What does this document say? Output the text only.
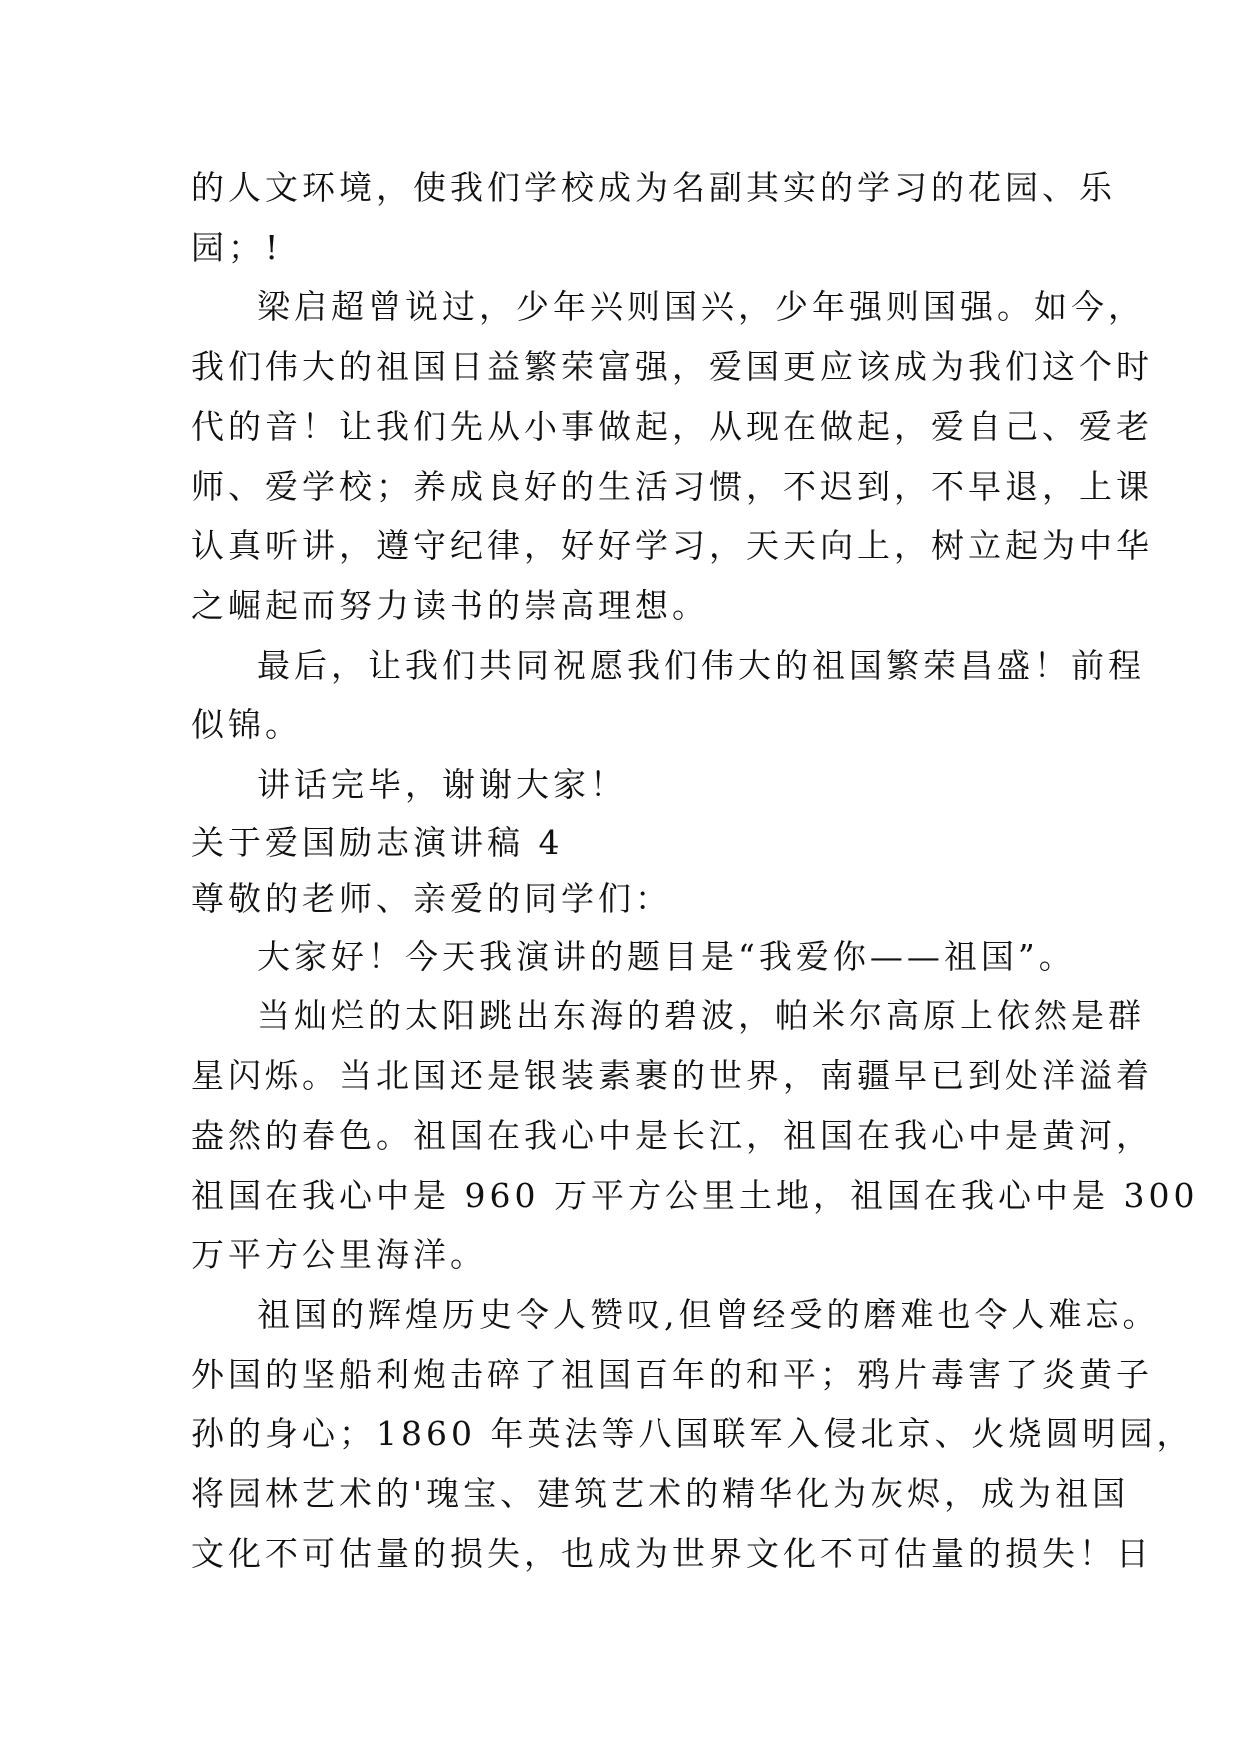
的人文环境，使我们学校成为名副其实的学习的花园、乐
园；!
梁启超曾说过，少年兴则国兴，少年强则国强。如今，
我们伟大的祖国日益繁荣富强，爱国更应该成为我们这个时
代的音！让我们先从小事做起，从现在做起，爱自己、爱老
师、爱学校；养成良好的生活习惯，不迟到，不早退，上课
认真听讲，遵守纪律，好好学习，天天向上，树立起为中华
之崛起而努力读书的崇高理想。
最后，让我们共同祝愿我们伟大的祖国繁荣昌盛！前程
似锦。
讲话完毕，谢谢大家！
关于爱国励志演讲稿 4
尊敬的老师、亲爱的同学们：
大家好！今天我演讲的题目是“我爱你——祖国”。
当灿烂的太阳跳出东海的碧波，帕米尔高原上依然是群
星闪烁。当北国还是银装素裹的世界，南疆早已到处洋溢着
盎然的春色。祖国在我心中是长江，祖国在我心中是黄河，
祖国在我心中是 960 万平方公里土地，祖国在我心中是 300
万平方公里海洋。
祖国的辉煌历史令人赞叹,但曾经受的磨难也令人难忘。
外国的坚船利炮击碎了祖国百年的和平；鸦片毒害了炎黄子
孙的身心；1860 年英法等八国联军入侵北京、火烧圆明园，
将园林艺术的'瑰宝、建筑艺术的精华化为灰烬，成为祖国
文化不可估量的损失，也成为世界文化不可估量的损失！日
